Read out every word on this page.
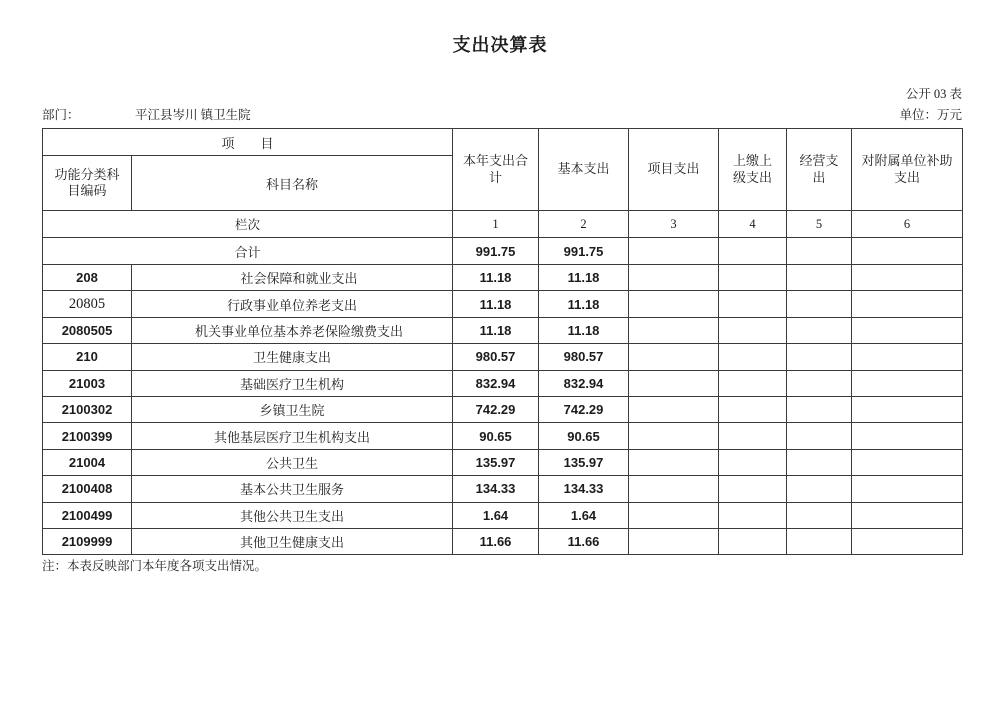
支出决算表
公开 03 表
部门：	平江县岑川 镇卫生院	单位：万元
项　　目		本年支出合计	基本支出	项目支出	上缴上级支出	经营支出	对附属单位补助支出
功能分类科目编码	科目名称						
栏次		1	2	3	4	5	6
合计		991.75	991.75				
208	社会保障和就业支出	11.18	11.18				
20805	行政事业单位养老支出	11.18	11.18				
2080505	机关事业单位基本养老保险缴费支出	11.18	11.18				
210	卫生健康支出	980.57	980.57				
21003	基础医疗卫生机构	832.94	832.94				
2100302	乡镇卫生院	742.29	742.29				
2100399	其他基层医疗卫生机构支出	90.65	90.65				
21004	公共卫生	135.97	135.97				
2100408	基本公共卫生服务	134.33	134.33				
2100499	其他公共卫生支出	1.64	1.64				
2109999	其他卫生健康支出	11.66	11.66				
注：本表反映部门本年度各项支出情况。
